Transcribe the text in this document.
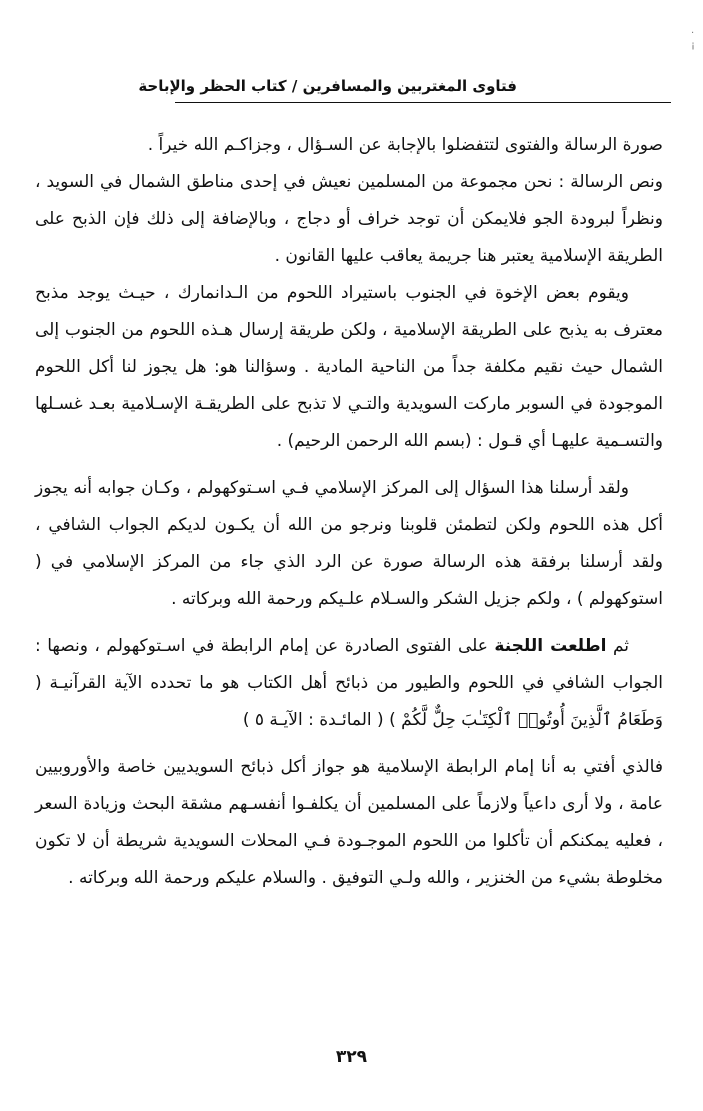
فتاوى المغتربين والمسافرين / كتاب الحظر والإباحة
·
¡

صورة الرسالة والفتوى لتتفضلوا بالإجابة عن السـؤال ، وجزاكـم الله خيراً .

ونص الرسالة : نحن مجموعة من المسلمين نعيش في إحدى مناطق الشمال في السويد ، ونظراً لبرودة الجو فلايمكن أن توجد خراف أو دجاج ، وبالإضافة إلى ذلك فإن الذبح على الطريقة الإسلامية يعتبر هنا جريمة يعاقب عليها القانون .

ويقوم بعض الإخوة في الجنوب باستيراد اللحوم من الـدانمارك ، حيـث يوجد مذبح معترف به يذبح على الطريقة الإسلامية ، ولكن طريقة إرسال هـذه اللحوم من الجنوب إلى الشمال حيث نقيم مكلفة جداً من الناحية المادية . وسؤالنا هو: هل يجوز لنا أكل اللحوم الموجودة في السوبر ماركت السويدية والتـي لا تذبح على الطريقـة الإسـلامية بعـد غسـلها والتسـمية عليهـا أي قـول : (بسم الله الرحمن الرحيم) .

ولقد أرسلنا هذا السؤال إلى المركز الإسلامي فـي اسـتوكهولم ، وكـان جوابه أنه يجوز أكل هذه اللحوم ولكن لتطمئن قلوبنا ونرجو من الله أن يكـون لديكم الجواب الشافي ، ولقد أرسلنا برفقة هذه الرسالة صورة عن الرد الذي جاء من المركز الإسلامي في ( استوكهولم ) ، ولكم جزيل الشكر والسـلام علـيكم ورحمة الله وبركاته .

ثم اطلعت اللجنة على الفتوى الصادرة عن إمام الرابطة في اسـتوكهولم ، ونصها : الجواب الشافي في اللحوم والطيور من ذبائح أهل الكتاب هو ما تحدده الآية القرآنيـة ( وَطَعَامُ ٱلَّذِينَ أُوتُوا۟ ٱلْكِتَـٰبَ حِلٌّ لَّكُمْ ) ( المائـدة : الآيـة ٥ )

فالذي أفتي به أنا إمام الرابطة الإسلامية هو جواز أكل ذبائح السويديين خاصة والأوروبيين عامة ، ولا أرى داعياً ولازماً على المسلمين أن يكلفـوا أنفسـهم مشقة البحث وزيادة السعر ، فعليه يمكنكم أن تأكلوا من اللحوم الموجـودة فـي المحلات السويدية شريطة أن لا تكون مخلوطة بشيء من الخنزير ، والله ولـي التوفيق . والسلام عليكم ورحمة الله وبركاته .

٣٢٩
